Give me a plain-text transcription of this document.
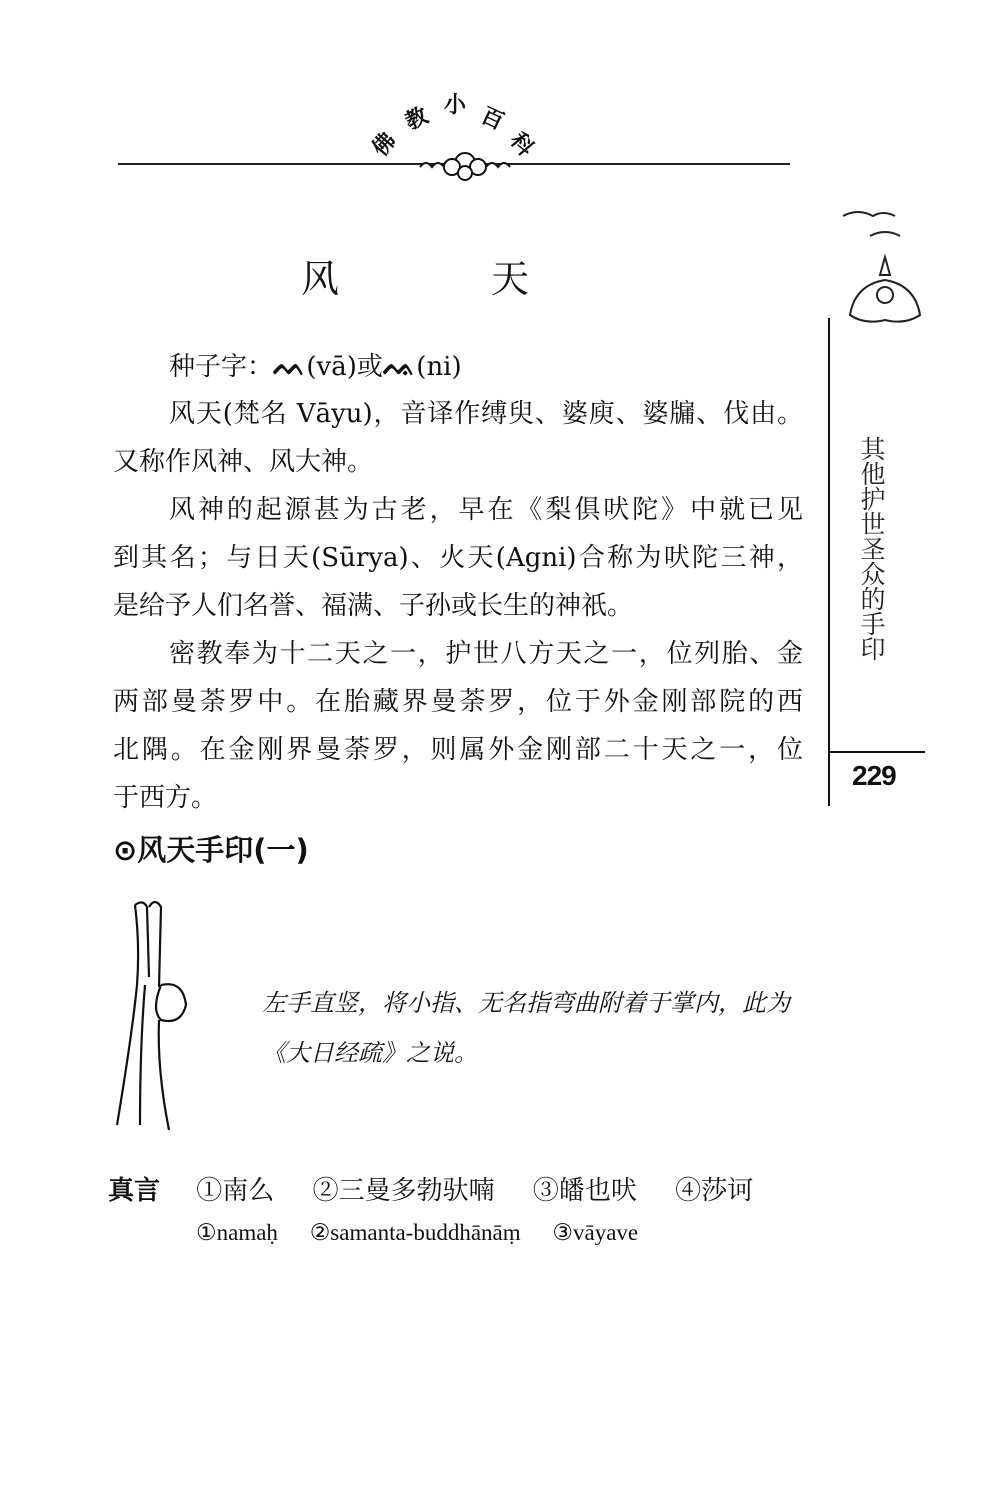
佛
教 小 百
科
风 天
种子字：ᨓ(vā)或ᨕ(ni)
风天(梵名 Vāyu)，音译作缚臾、婆庾、婆牖、伐由。
又称作风神、风大神。
风神的起源甚为古老，早在《梨俱吠陀》中就已见
到其名；与日天(Sūrya)、火天(Agni)合称为吠陀三神，
是给予人们名誉、福满、子孙或长生的神祇。
密教奉为十二天之一，护世八方天之一，位列胎、金
两部曼荼罗中。在胎藏界曼荼罗，位于外金刚部院的西
北隅。在金刚界曼荼罗，则属外金刚部二十天之一，位
于西方。
其他护世圣众的手印
229
⊙风天手印(一)
左手直竖，将小指、无名指弯曲附着于掌内，此为《大日经疏》之说。
真言 ①南么 ②三曼多勃驮喃 ③皤也吠 ④莎诃
①namaḥ ②samanta-buddhānāṃ ③vāyave
